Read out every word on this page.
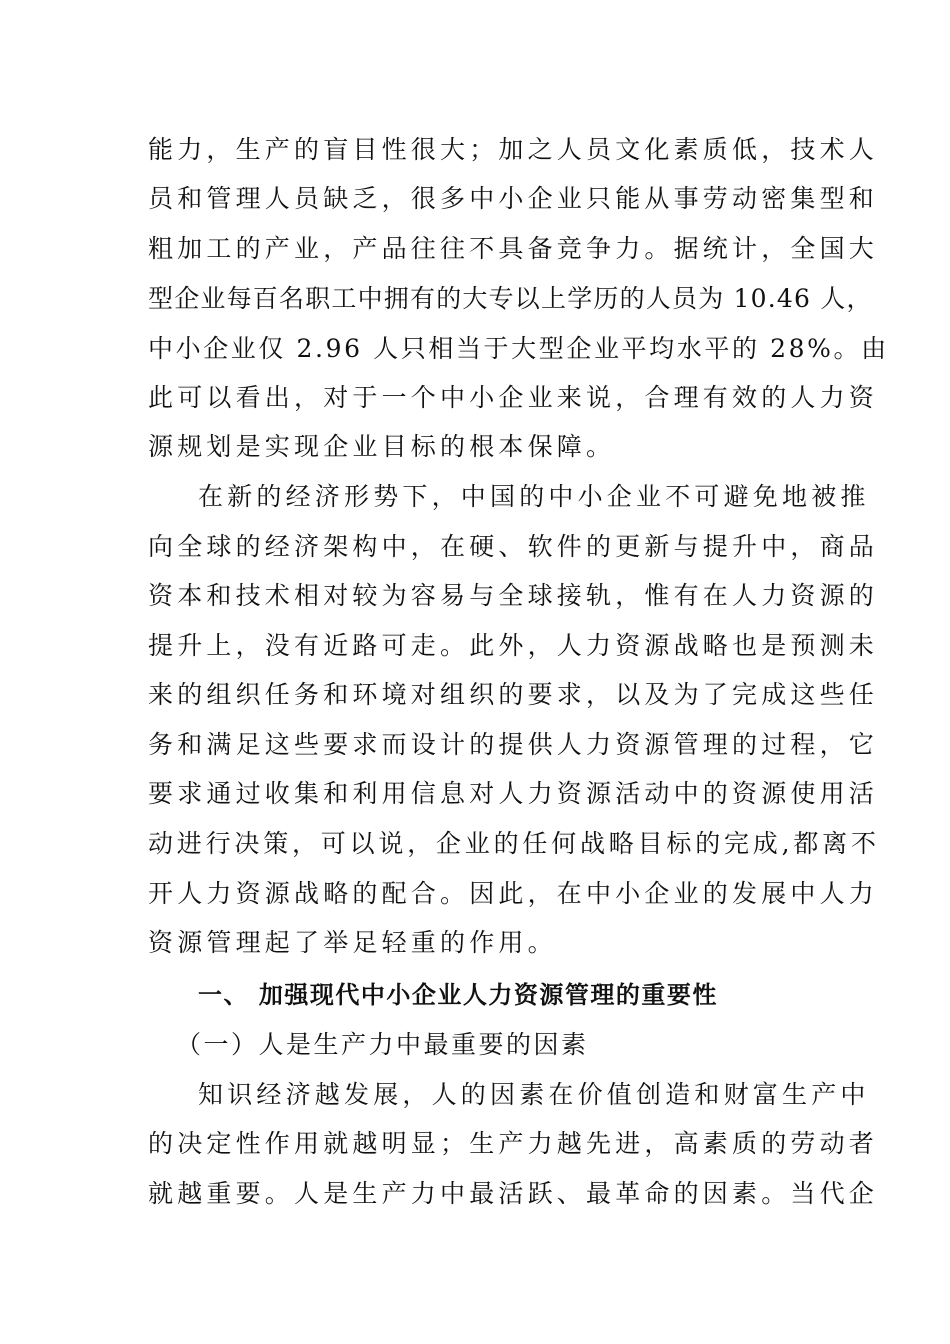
能力，生产的盲目性很大；加之人员文化素质低，技术人
员和管理人员缺乏，很多中小企业只能从事劳动密集型和
粗加工的产业，产品往往不具备竞争力。据统计，全国大
型企业每百名职工中拥有的大专以上学历的人员为 10.46 人，
中小企业仅 2.96 人只相当于大型企业平均水平的 28%。由
此可以看出，对于一个中小企业来说，合理有效的人力资
源规划是实现企业目标的根本保障。
在新的经济形势下，中国的中小企业不可避免地被推
向全球的经济架构中，在硬、软件的更新与提升中，商品
资本和技术相对较为容易与全球接轨，惟有在人力资源的
提升上，没有近路可走。此外，人力资源战略也是预测未
来的组织任务和环境对组织的要求，以及为了完成这些任
务和满足这些要求而设计的提供人力资源管理的过程，它
要求通过收集和利用信息对人力资源活动中的资源使用活
动进行决策，可以说，企业的任何战略目标的完成,都离不
开人力资源战略的配合。因此，在中小企业的发展中人力
资源管理起了举足轻重的作用。
一、 加强现代中小企业人力资源管理的重要性
（一）人是生产力中最重要的因素
知识经济越发展，人的因素在价值创造和财富生产中
的决定性作用就越明显；生产力越先进，高素质的劳动者
就越重要。人是生产力中最活跃、最革命的因素。当代企
